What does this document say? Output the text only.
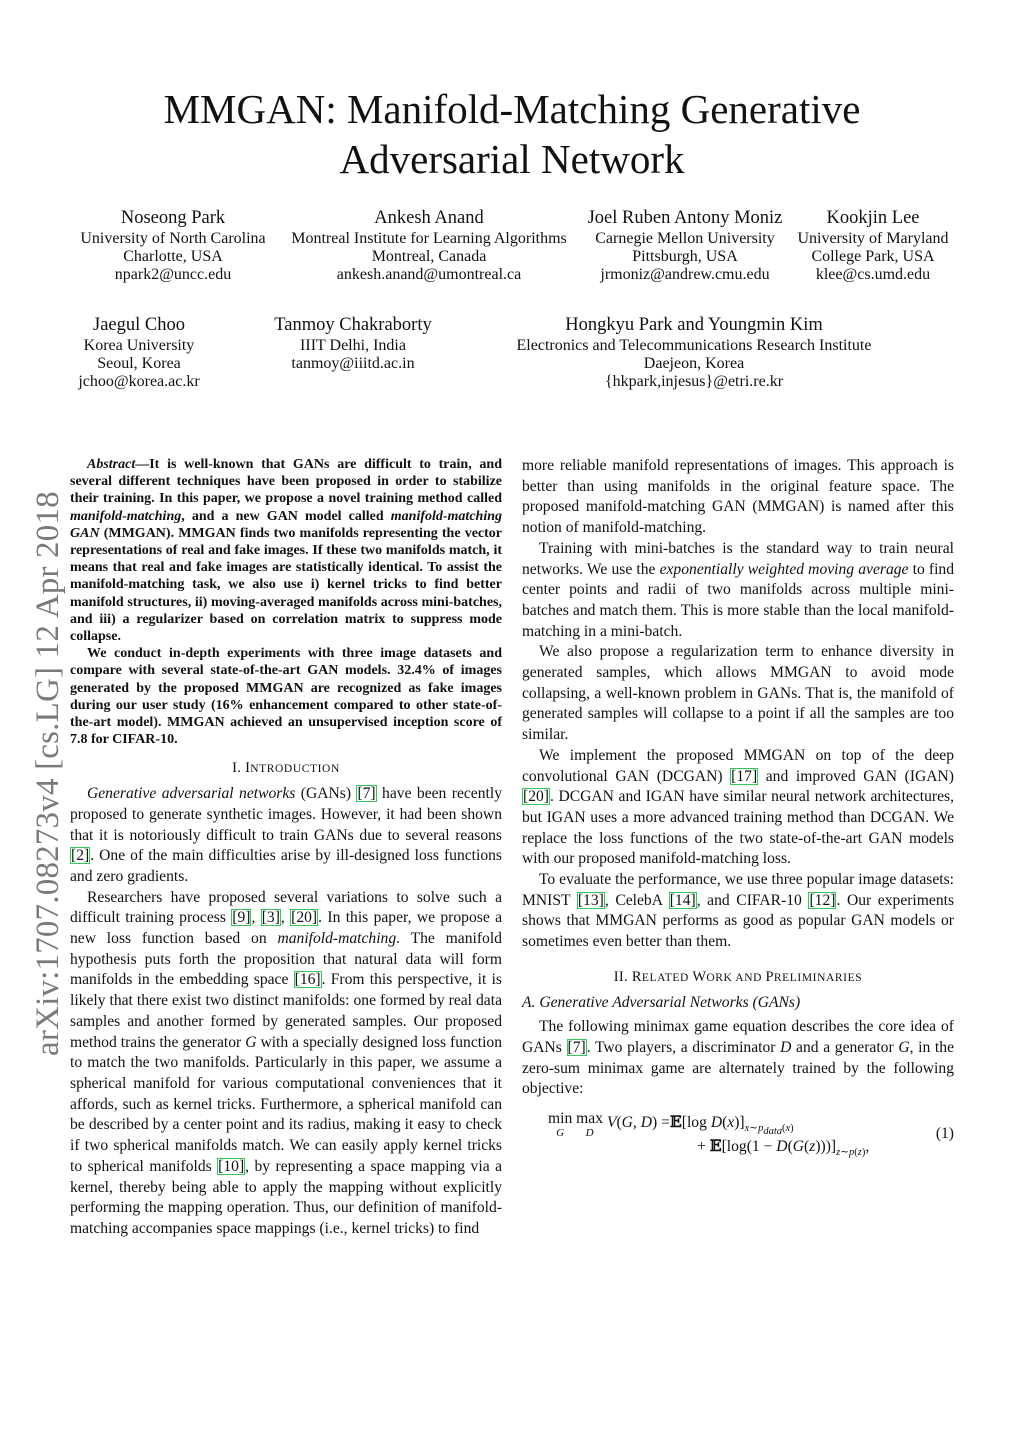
MMGAN: Manifold-Matching Generative
Adversarial Network
Noseong Park
University of North Carolina
Charlotte, USA
npark2@uncc.edu
Ankesh Anand
Montreal Institute for Learning Algorithms
Montreal, Canada
ankesh.anand@umontreal.ca
Joel Ruben Antony Moniz
Carnegie Mellon University
Pittsburgh, USA
jrmoniz@andrew.cmu.edu
Kookjin Lee
University of Maryland
College Park, USA
klee@cs.umd.edu
Jaegul Choo
Korea University
Seoul, Korea
jchoo@korea.ac.kr
Tanmoy Chakraborty
IIIT Delhi, India
tanmoy@iiitd.ac.in
Hongkyu Park and Youngmin Kim
Electronics and Telecommunications Research Institute
Daejeon, Korea
{hkpark,injesus}@etri.re.kr
arXiv:1707.08273v4 [cs.LG] 12 Apr 2018

Abstract—It is well-known that GANs are difficult to train, and several different techniques have been proposed in order to stabilize their training. In this paper, we propose a novel training method called manifold-matching, and a new GAN model called manifold-matching GAN (MMGAN). MMGAN finds two manifolds representing the vector representations of real and fake images. If these two manifolds match, it means that real and fake images are statistically identical. To assist the manifold-matching task, we also use i) kernel tricks to find better manifold structures, ii) moving-averaged manifolds across mini-batches, and iii) a regularizer based on correlation matrix to suppress mode collapse.

We conduct in-depth experiments with three image datasets and compare with several state-of-the-art GAN models. 32.4% of images generated by the proposed MMGAN are recognized as fake images during our user study (16% enhancement compared to other state-of-the-art model). MMGAN achieved an unsupervised inception score of 7.8 for CIFAR-10.

I. INTRODUCTION

Generative adversarial networks (GANs) [7] have been recently proposed to generate synthetic images. However, it had been shown that it is notoriously difficult to train GANs due to several reasons [2]. One of the main difficulties arise by ill-designed loss functions and zero gradients.

Researchers have proposed several variations to solve such a difficult training process [9], [3], [20]. In this paper, we propose a new loss function based on manifold-matching. The manifold hypothesis puts forth the proposition that natural data will form manifolds in the embedding space [16]. From this perspective, it is likely that there exist two distinct manifolds: one formed by real data samples and another formed by generated samples. Our proposed method trains the generator G with a specially designed loss function to match the two manifolds. Particularly in this paper, we assume a spherical manifold for various computational conveniences that it affords, such as kernel tricks. Furthermore, a spherical manifold can be described by a center point and its radius, making it easy to check if two spherical manifolds match. We can easily apply kernel tricks to spherical manifolds [10], by representing a space mapping via a kernel, thereby being able to apply the mapping without explicitly performing the mapping operation. Thus, our definition of manifold-matching accompanies space mappings (i.e., kernel tricks) to find

more reliable manifold representations of images. This approach is better than using manifolds in the original feature space. The proposed manifold-matching GAN (MMGAN) is named after this notion of manifold-matching.

Training with mini-batches is the standard way to train neural networks. We use the exponentially weighted moving average to find center points and radii of two manifolds across multiple mini-batches and match them. This is more stable than the local manifold-matching in a mini-batch.

We also propose a regularization term to enhance diversity in generated samples, which allows MMGAN to avoid mode collapsing, a well-known problem in GANs. That is, the manifold of generated samples will collapse to a point if all the samples are too similar.

We implement the proposed MMGAN on top of the deep convolutional GAN (DCGAN) [17] and improved GAN (IGAN) [20]. DCGAN and IGAN have similar neural network architectures, but IGAN uses a more advanced training method than DCGAN. We replace the loss functions of the two state-of-the-art GAN models with our proposed manifold-matching loss.

To evaluate the performance, we use three popular image datasets: MNIST [13], CelebA [14], and CIFAR-10 [12]. Our experiments shows that MMGAN performs as good as popular GAN models or sometimes even better than them.

II. RELATED WORK AND PRELIMINARIES

A. Generative Adversarial Networks (GANs)

The following minimax game equation describes the core idea of GANs [7]. Two players, a discriminator D and a generator G, in the zero-sum minimax game are alternately trained by the following objective:

min
G
max
D
V(G, D) =𝔼[log $D(x)]_{x\sim p_{data}(x)}$
+ 𝔼[log(1 − $D(G(z)))]_{z\sim p(z)}$,
(1)
